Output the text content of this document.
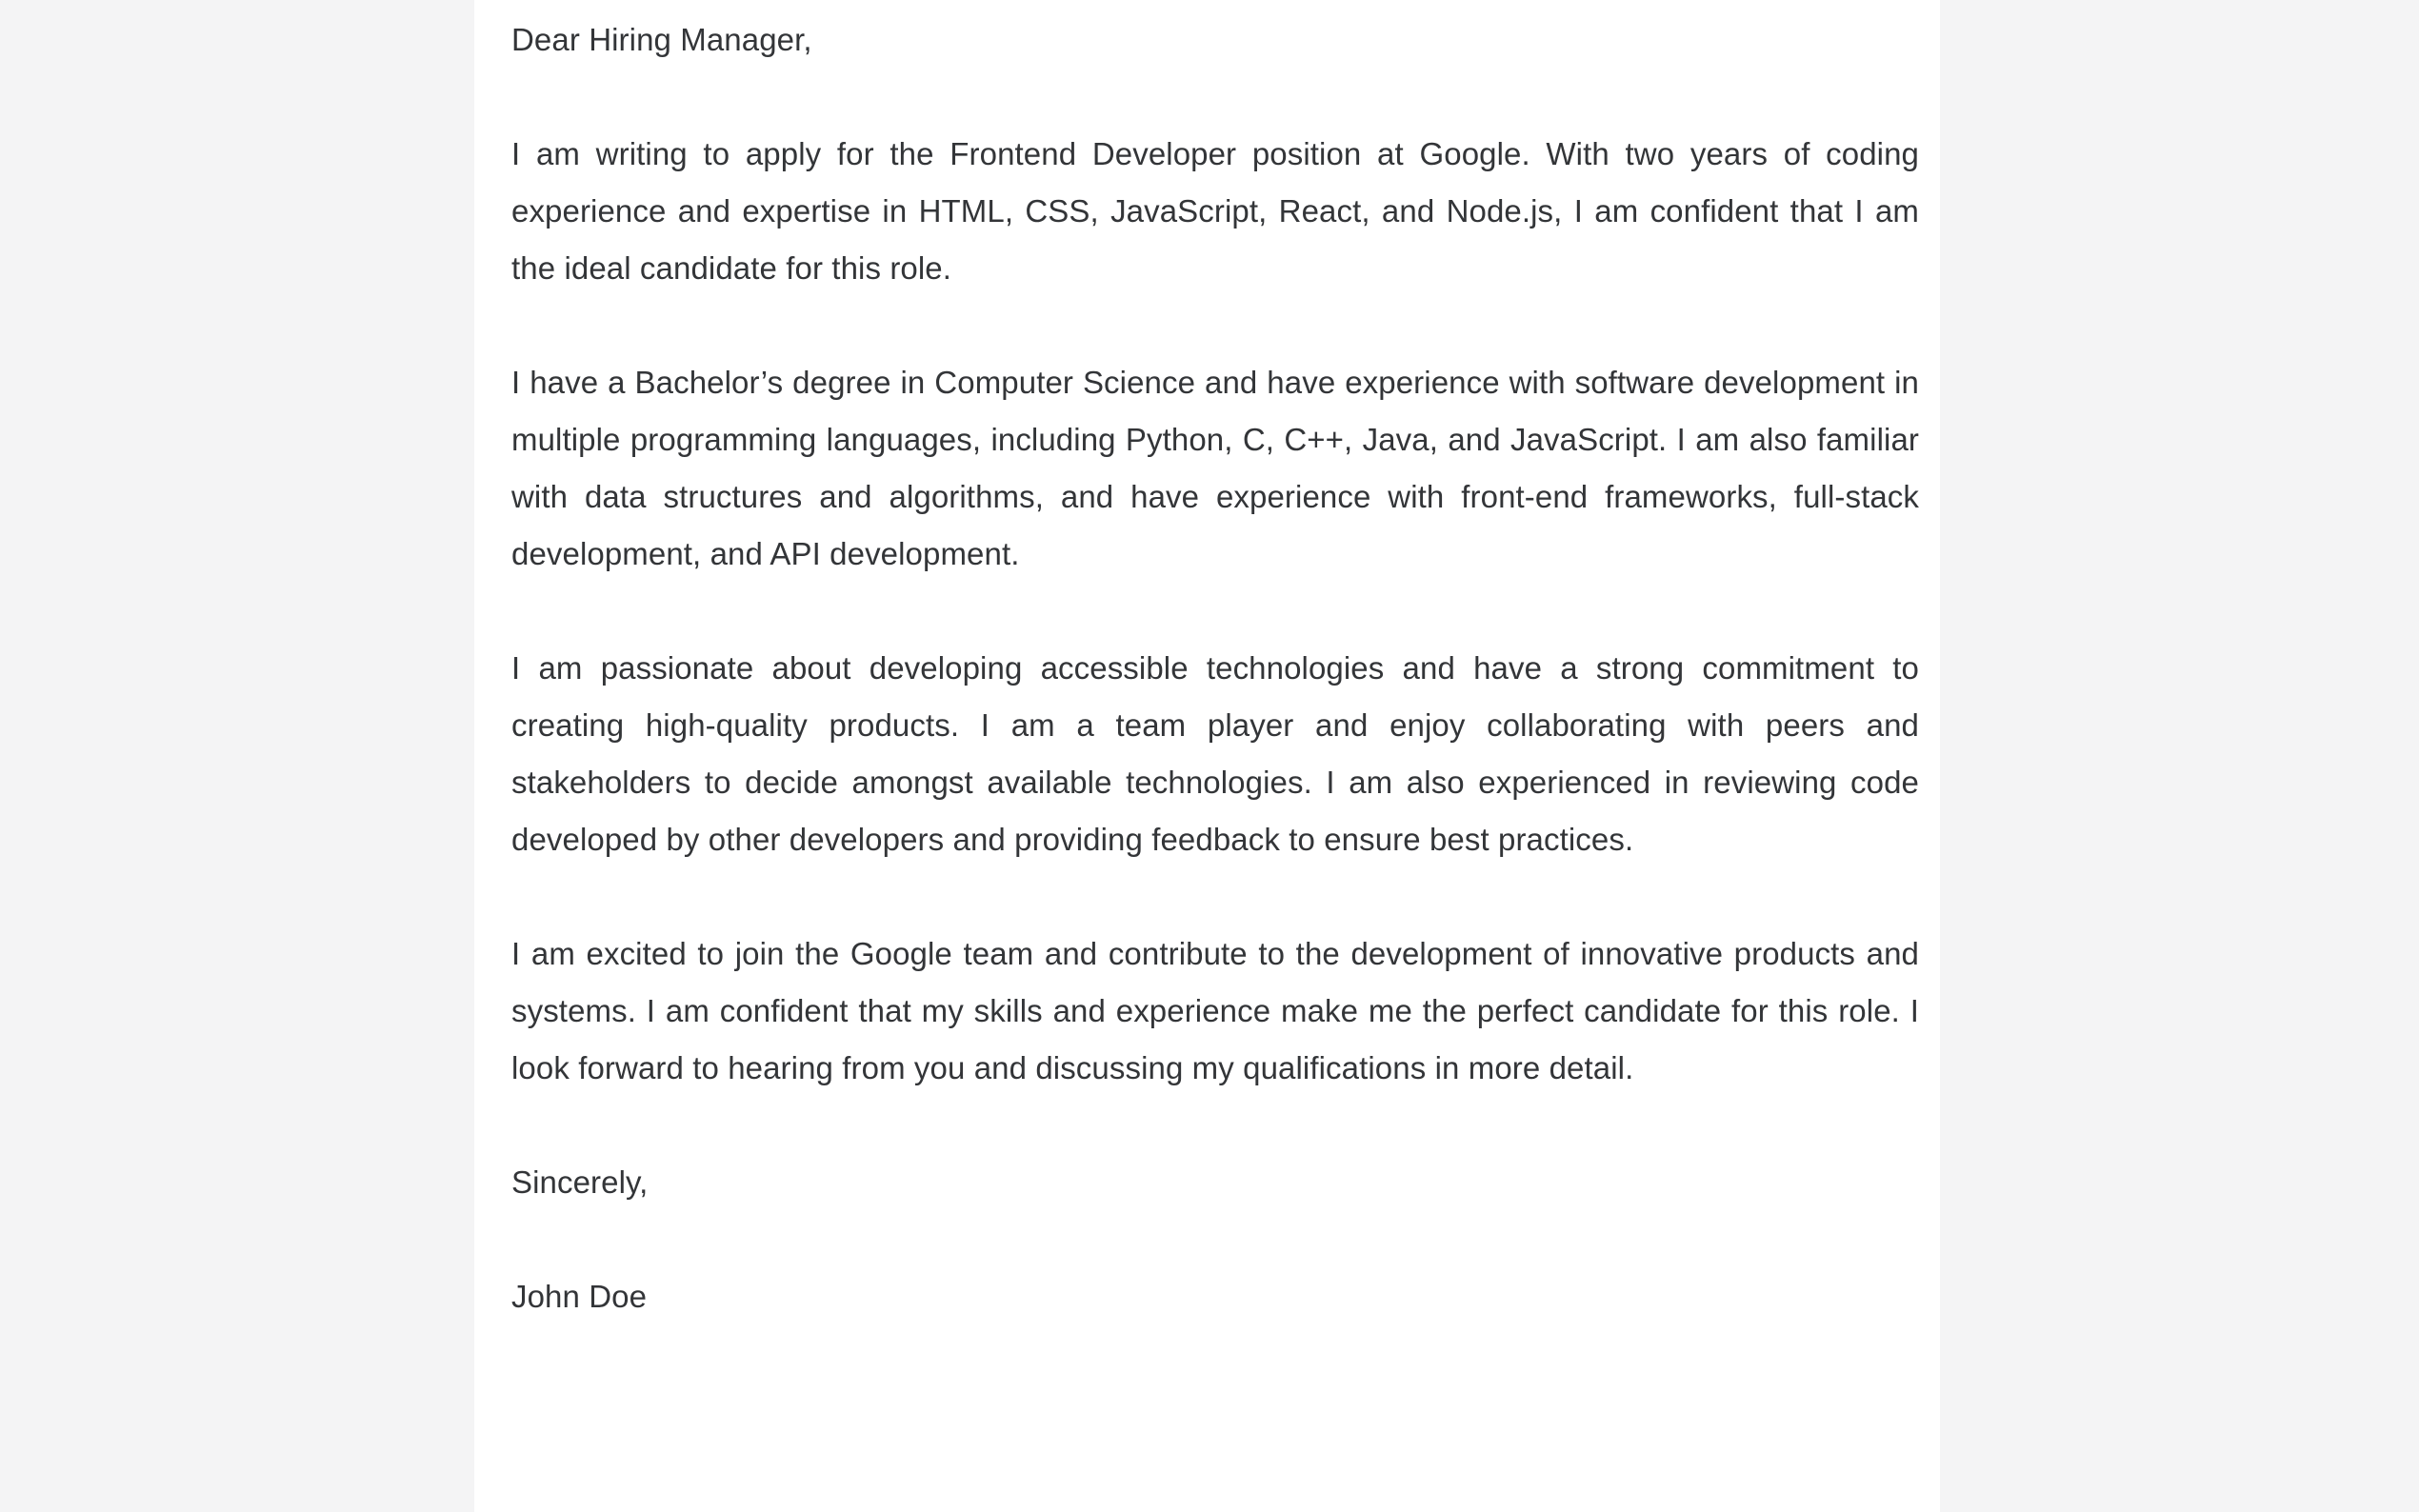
Dear Hiring Manager,

I am writing to apply for the Frontend Developer position at Google. With two years of coding experience and expertise in HTML, CSS, JavaScript, React, and Node.js, I am confident that I am the ideal candidate for this role.

I have a Bachelor’s degree in Computer Science and have experience with software development in multiple programming languages, including Python, C, C++, Java, and JavaScript. I am also familiar with data structures and algorithms, and have experience with front-end frameworks, full-stack development, and API development.

I am passionate about developing accessible technologies and have a strong commitment to creating high-quality products. I am a team player and enjoy collaborating with peers and stakeholders to decide amongst available technologies. I am also experienced in reviewing code developed by other developers and providing feedback to ensure best practices.

I am excited to join the Google team and contribute to the development of innovative products and systems. I am confident that my skills and experience make me the perfect candidate for this role. I look forward to hearing from you and discussing my qualifications in more detail.

Sincerely,

John Doe
